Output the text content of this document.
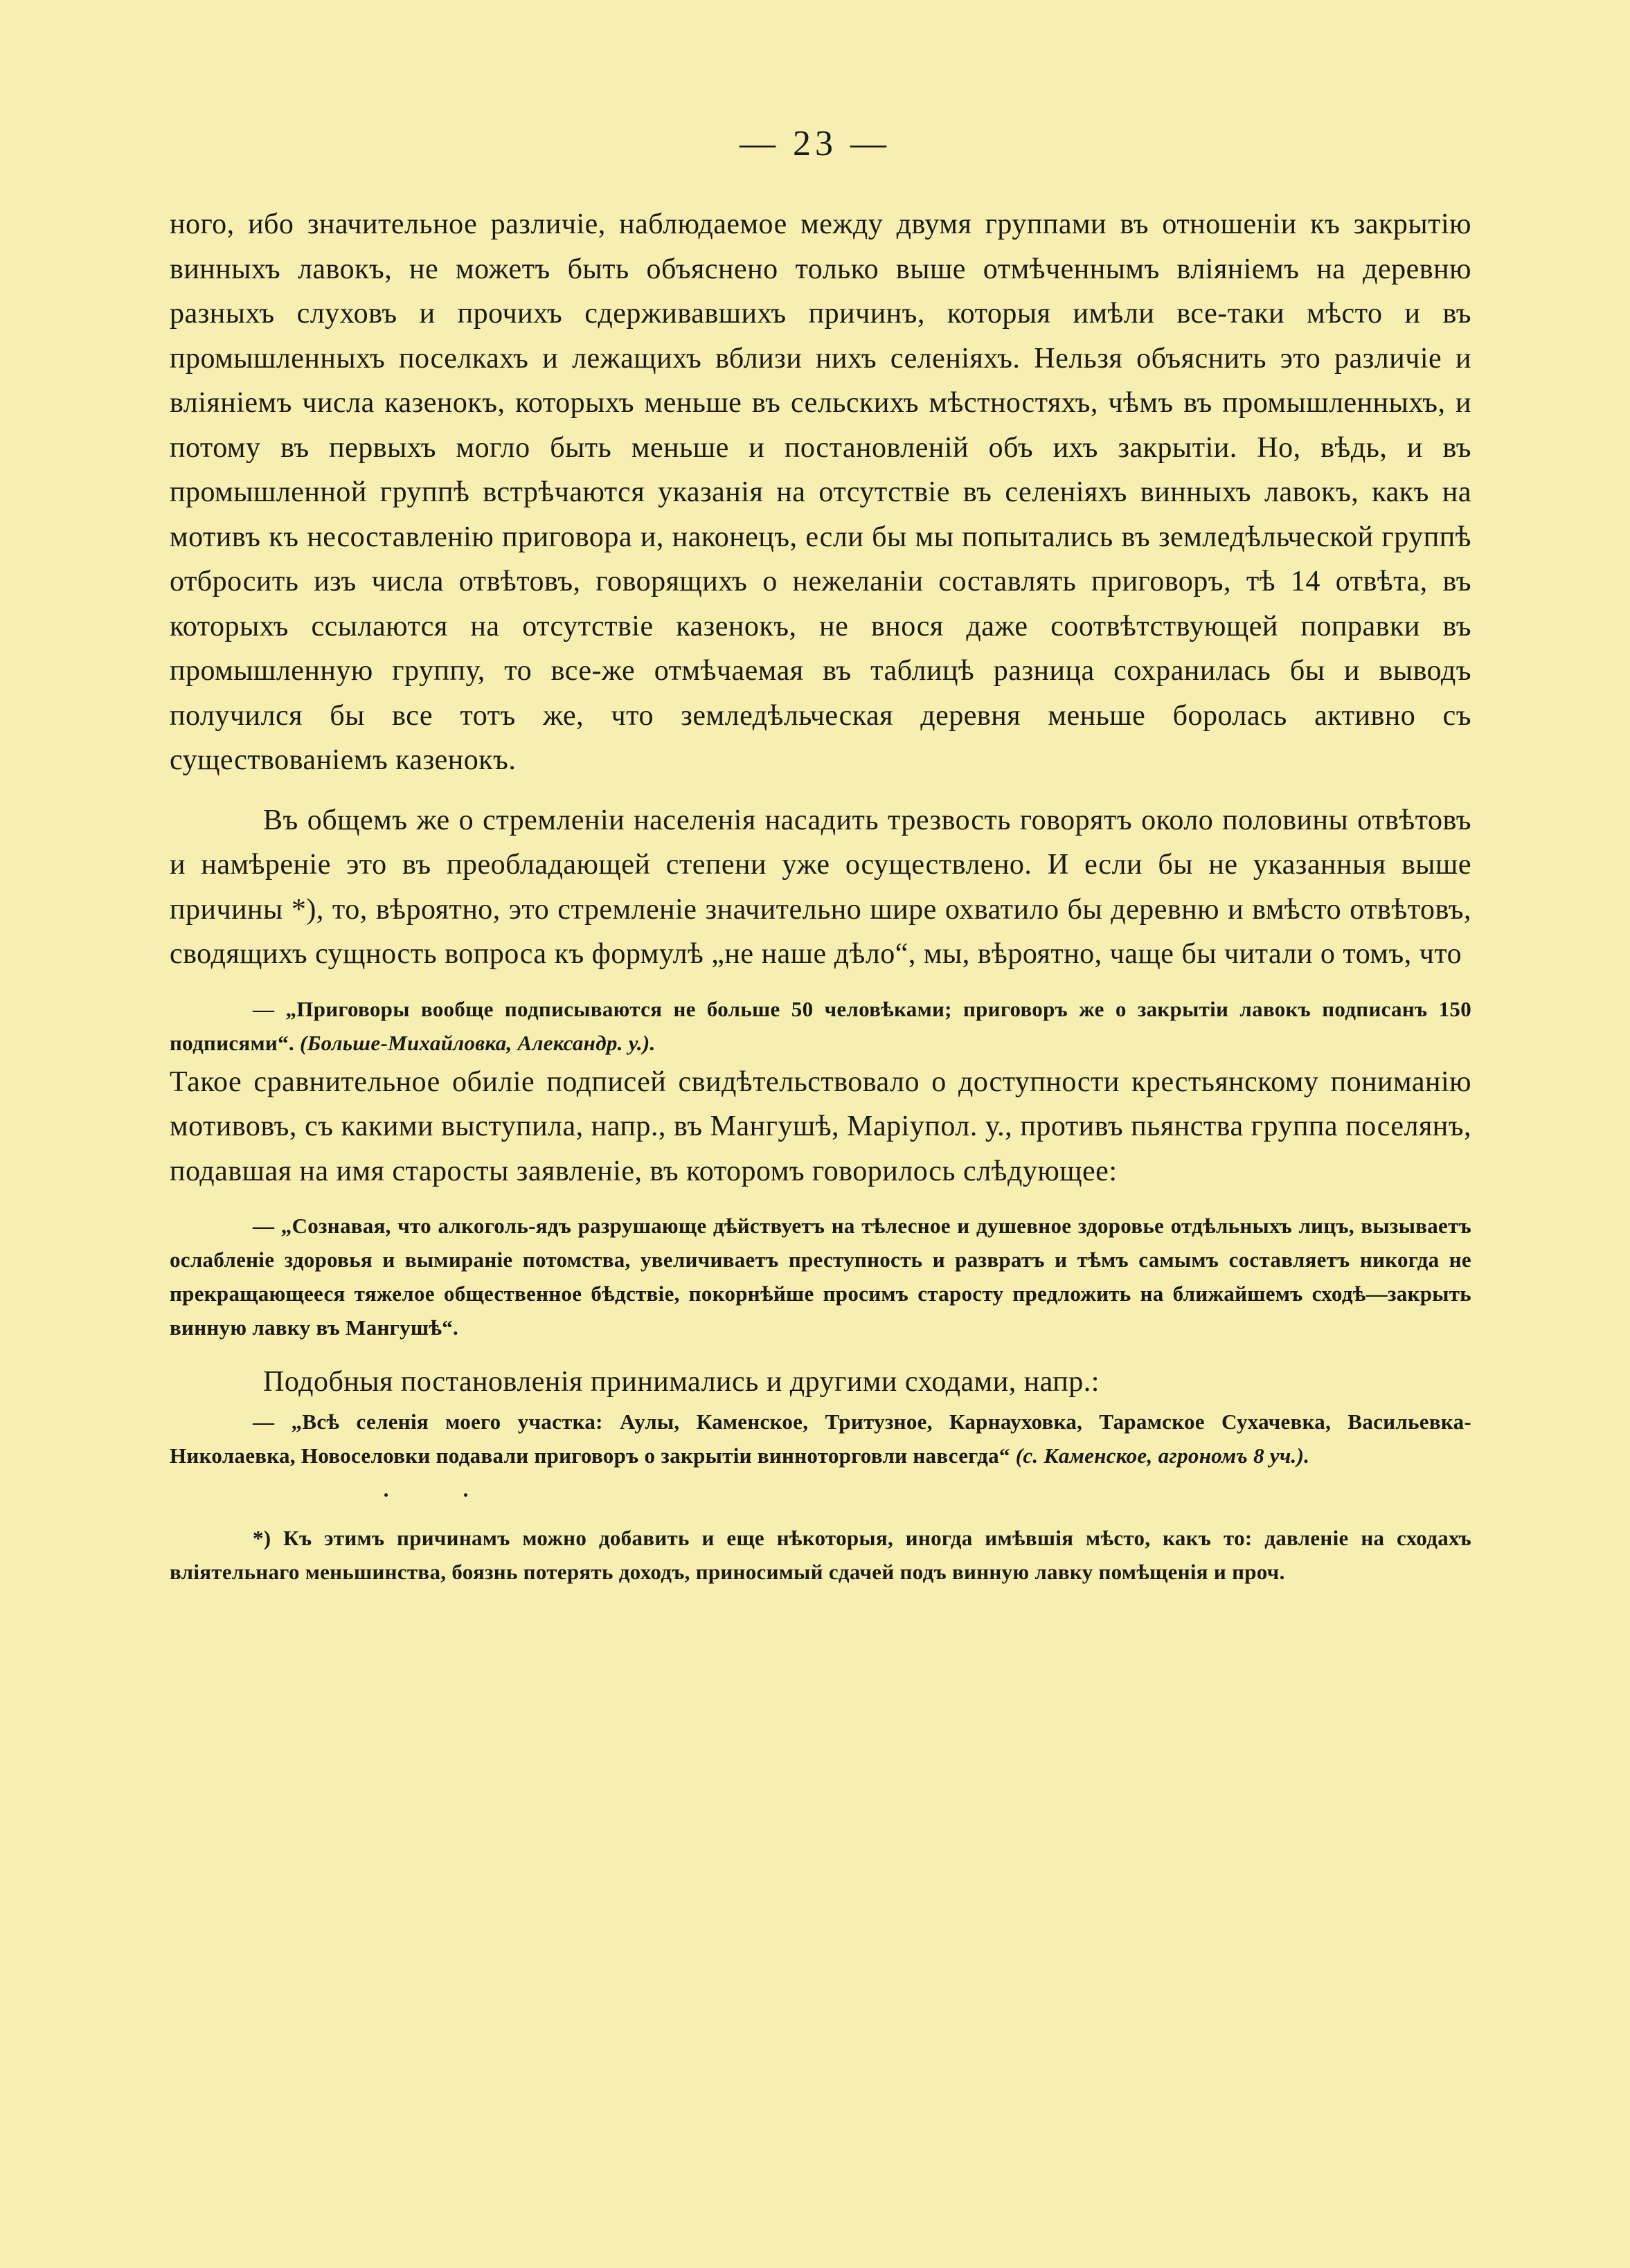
— 23 —

ного, ибо значительное различіе, наблюдаемое между двумя группами въ отношеніи къ закрытію винныхъ лавокъ, не можетъ быть объяснено только выше отмѣченнымъ вліяніемъ на деревню разныхъ слуховъ и прочихъ сдерживавшихъ причинъ, которыя имѣли все-таки мѣсто и въ промышленныхъ поселкахъ и лежащихъ вблизи нихъ селеніяхъ. Нельзя объяснить это различіе и вліяніемъ числа казенокъ, которыхъ меньше въ сельскихъ мѣстностяхъ, чѣмъ въ промышленныхъ, и потому въ первыхъ могло быть меньше и постановленій объ ихъ закрытіи. Но, вѣдь, и въ промышленной группѣ встрѣчаются указанія на отсутствіе въ селеніяхъ винныхъ лавокъ, какъ на мотивъ къ несоставленію приговора и, наконецъ, если бы мы попытались въ земледѣльческой группѣ отбросить изъ числа отвѣтовъ, говорящихъ о нежеланіи составлять приговоръ, тѣ 14 отвѣта, въ которыхъ ссылаются на отсутствіе казенокъ, не внося даже соотвѣтствующей поправки въ промышленную группу, то все-же отмѣчаемая въ таблицѣ разница сохранилась бы и выводъ получился бы все тотъ же, что земледѣльческая деревня меньше боролась активно съ существованіемъ казенокъ.

Въ общемъ же о стремленіи населенія насадить трезвость говорятъ около половины отвѣтовъ и намѣреніе это въ преобладающей степени уже осуществлено. И если бы не указанныя выше причины *), то, вѣроятно, это стремленіе значительно шире охватило бы деревню и вмѣсто отвѣтовъ, сводящихъ сущность вопроса къ формулѣ „не наше дѣло“, мы, вѣроятно, чаще бы читали о томъ, что

— „Приговоры вообще подписываются не больше 50 человѣками; приговоръ же о закрытіи лавокъ подписанъ 150 подписями“. (Больше-Михайловка, Александр. у.).

Такое сравнительное обиліе подписей свидѣтельствовало о доступности крестьянскому пониманію мотивовъ, съ какими выступила, напр., въ Мангушѣ, Маріупол. у., противъ пьянства группа поселянъ, подавшая на имя старосты заявленіе, въ которомъ говорилось слѣдующее:

— „Сознавая, что алкоголь-ядъ разрушающе дѣйствуетъ на тѣлесное и душевное здоровье отдѣльныхъ лицъ, вызываетъ ослабленіе здоровья и вымираніе потомства, увеличиваетъ преступность и развратъ и тѣмъ самымъ составляетъ никогда не прекращающееся тяжелое общественное бѣдствіе, покорнѣйше просимъ старосту предложить на ближайшемъ сходѣ—закрыть винную лавку въ Мангушѣ“.

Подобныя постановленія принимались и другими сходами, напр.:

— „Всѣ селенія моего участка: Аулы, Каменское, Тритузное, Карнауховка, Тарамское Сухачевка, Васильевка-Николаевка, Новоселовки подавали приговоръ о закрытіи винноторговли навсегда“ (с. Каменское, агрономъ 8 уч.).

*) Къ этимъ причинамъ можно добавить и еще нѣкоторыя, иногда имѣвшія мѣсто, какъ то: давленіе на сходахъ вліятельнаго меньшинства, боязнь потерять доходъ, приносимый сдачей подъ винную лавку помѣщенія и проч.
